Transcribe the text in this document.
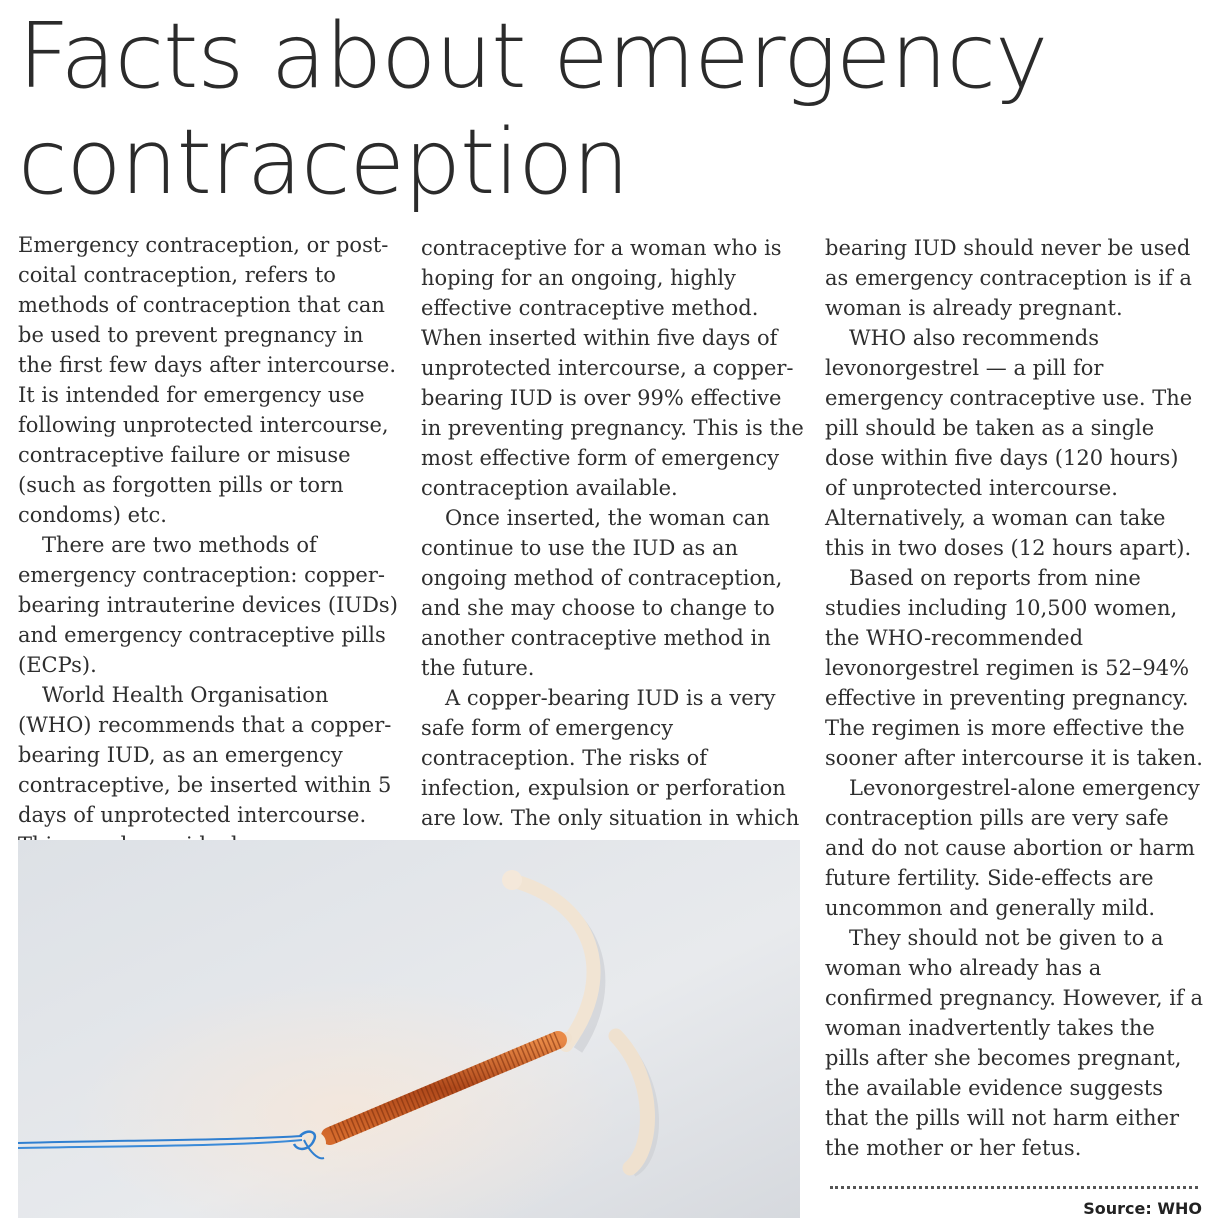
Facts about emergency contraception

Emergency contraception, or post-coital contraception, refers to methods of contraception that can be used to prevent pregnancy in the first few days after intercourse. It is intended for emergency use following unprotected intercourse, contraceptive failure or misuse (such as forgotten pills or torn condoms) etc.

There are two methods of emergency contraception: copper-bearing intrauterine devices (IUDs) and emergency contraceptive pills (ECPs).

World Health Organisation (WHO) recommends that a copper-bearing IUD, as an emergency contraceptive, be inserted within 5 days of unprotected intercourse.

contraceptive for a woman who is hoping for an ongoing, highly effective contraceptive method. When inserted within five days of unprotected intercourse, a copper-bearing IUD is over 99% effective in preventing pregnancy. This is the most effective form of emergency contraception available.

Once inserted, the woman can continue to use the IUD as an ongoing method of contraception, and she may choose to change to another contraceptive method in the future.

A copper-bearing IUD is a very safe form of emergency contraception. The risks of infection, expulsion or perforation are low. The only situation in which

bearing IUD should never be used as emergency contraception is if a woman is already pregnant.

WHO also recommends levonorgestrel — a pill for emergency contraceptive use. The pill should be taken as a single dose within five days (120 hours) of unprotected intercourse. Alternatively, a woman can take this in two doses (12 hours apart).

Based on reports from nine studies including 10,500 women, the WHO-recommended levonorgestrel regimen is 52–94% effective in preventing pregnancy. The regimen is more effective the sooner after intercourse it is taken.

Levonorgestrel-alone emergency contraception pills are very safe and do not cause abortion or harm future fertility. Side-effects are uncommon and generally mild.

They should not be given to a woman who already has a confirmed pregnancy. However, if a woman inadvertently takes the pills after she becomes pregnant, the available evidence suggests that the pills will not harm either the mother or her fetus.

Source: WHO
